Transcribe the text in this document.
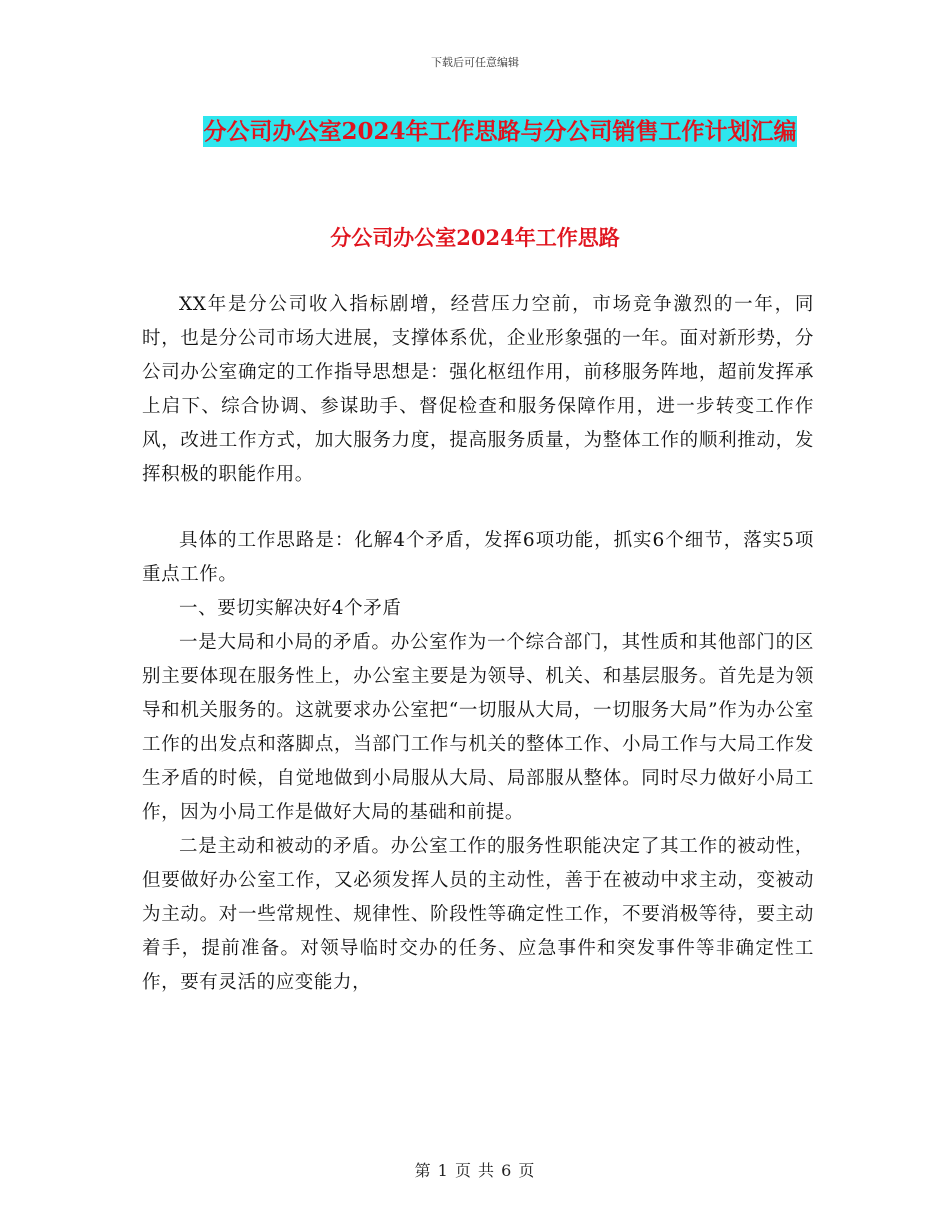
下载后可任意编辑
分公司办公室2024年工作思路与分公司销售工作计划汇编
分公司办公室2024年工作思路

XX年是分公司收入指标剧增，经营压力空前，市场竞争激烈的一年，同时，也是分公司市场大进展，支撑体系优，企业形象强的一年。面对新形势，分公司办公室确定的工作指导思想是：强化枢纽作用，前移服务阵地，超前发挥承上启下、综合协调、参谋助手、督促检查和服务保障作用，进一步转变工作作风，改进工作方式，加大服务力度，提高服务质量，为整体工作的顺利推动，发挥积极的职能作用。

具体的工作思路是：化解4个矛盾，发挥6项功能，抓实6个细节，落实5项重点工作。

一、要切实解决好4个矛盾

一是大局和小局的矛盾。办公室作为一个综合部门，其性质和其他部门的区别主要体现在服务性上，办公室主要是为领导、机关、和基层服务。首先是为领导和机关服务的。这就要求办公室把“一切服从大局，一切服务大局”作为办公室工作的出发点和落脚点，当部门工作与机关的整体工作、小局工作与大局工作发生矛盾的时候，自觉地做到小局服从大局、局部服从整体。同时尽力做好小局工作，因为小局工作是做好大局的基础和前提。

二是主动和被动的矛盾。办公室工作的服务性职能决定了其工作的被动性，但要做好办公室工作，又必须发挥人员的主动性，善于在被动中求主动，变被动为主动。对一些常规性、规律性、阶段性等确定性工作，不要消极等待，要主动着手，提前准备。对领导临时交办的任务、应急事件和突发事件等非确定性工作，要有灵活的应变能力，

第 1 页 共 6 页
